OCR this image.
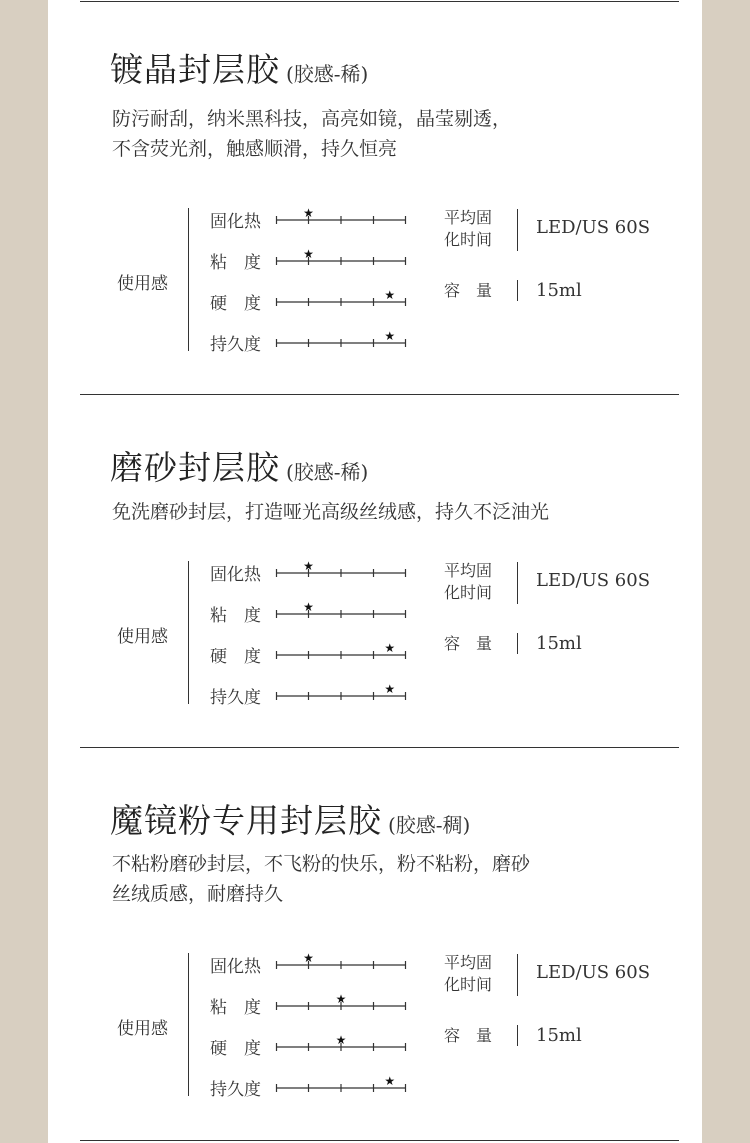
镀晶封层胶 (胶感-稀)
防污耐刮，纳米黑科技，高亮如镜，晶莹剔透，
不含荧光剂，触感顺滑，持久恒亮
使用感
固化热	★
粘　度	★
硬　度	★
持久度	★
平均固
化时间
LED/US 60S
容　量 15ml
磨砂封层胶 (胶感-稀)
免洗磨砂封层，打造哑光高级丝绒感，持久不泛油光
使用感
固化热	★
粘　度	★
硬　度	★
持久度	★
平均固
化时间
LED/US 60S
容　量 15ml
魔镜粉专用封层胶 (胶感-稠)
不粘粉磨砂封层，不飞粉的快乐，粉不粘粉，磨砂
丝绒质感，耐磨持久
使用感
固化热	★
粘　度	★
硬　度	★
持久度	★
平均固
化时间
LED/US 60S
容　量 15ml
